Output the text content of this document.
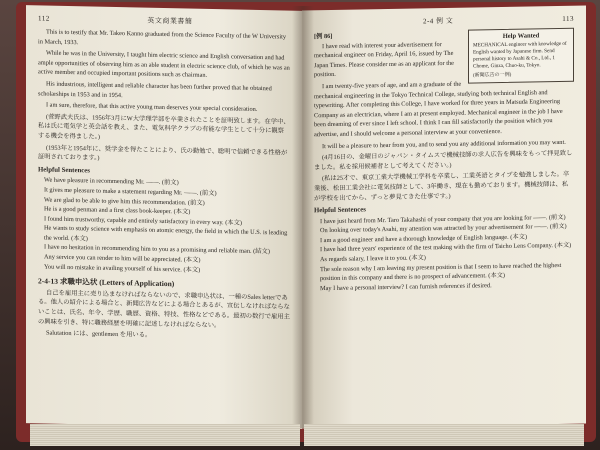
112	英文商業書簡

This is to testify that Mr. Takeo Kanno graduated from the Science Faculty of the W University in March, 1933.

While he was in the University, I taught him electric science and English conversation and had ample opportunities of observing him as an able student in electric science club, of which he was an active member and occupied important positions such as chairman.

His industrious, intelligent and reliable character has been further proved that he obtained scholarships in 1953 and in 1954.

I am sure, therefore, that this active young man deserves your special consideration.

(菅野武夫氏は、1956年3月にW大学理学部を卒業されたことを証明致します。在学中、私は氏に電気学と英会話を教え、また、電気科学クラブの有能な学生として十分に観察する機会を得ました。)

(1953年と1954年に、奨学金を得たことにより、氏の勤勉で、聡明で信頼できる性格が証明されております。)

Helpful Sentences
We have pleasure in recommending Mr. ——. (前文)
It gives me pleasure to make a statement regarding Mr. ——. (前文)
We are glad to be able to give him this recommendation. (前文)
He is a good penman and a first class book-keeper. (本文)
I found him trustworthy, capable and entirely satisfactory in every way. (本文)
He wants to study science with emphasis on atomic energy, the field in which the U.S. is leading the world. (本文)
I have no hesitation in recommending him to you as a promising and reliable man. (結文)
Any service you can render to him will be appreciated. (本文)
You will no mistake in availing yourself of his service. (本文)
2-4-13 求職申込状 (Letters of Application)

自己を雇用主に売り込まなければならないので、求職申込状は、一種のSales letterである。他人の紹介による場合と、新聞広告などによる場合とあるが、宣伝しなければならないことは、氏名、年令、学歴、職歴、資格、特技、性格などである。最初の数行で雇用主の興味を引き、特に職務経歴を明確に記述しなければならない。

Salutation には、gentlemen を用いる。

2-4 例 文	113
Help Wanted
MECHANICAL engineer with knowledge of English wanted by Japanese firm. Send personal history to Asahi & Co., Ltd., 1 Chome, Ginza, Chuo-ku, Tokyo.
(新聞広告の一例)
[例 86]

I have read with interest your advertisement for mechanical engineer on Friday, April 16, issued by The Japan Times. Please consider me as an applicant for the position.

I am twenty-five years of age, and am a graduate of the mechanical engineering in the Tokyo Technical College, studying both technical English and typewriting. After completing this College, I have worked for three years in Matsuda Engineering Company as an electrician, where I am at present employed. Mechanical engineer in the job I have been dreaming of ever since I left school. I think I can fill satisfactorily the position which you advertise, and I should welcome a personal interview at your convenience.

It will be a pleasure to hear from you, and to send you any additional information you may want.

(4月16日の、金曜日のジャパン・タイムスで機械技師の求人広告を興味をもって拝見致しました。私を採用候補者として考えてください。)

(私は25才で、東京工業大学機械工学科を卒業し、工業英語とタイプを勉強しました。卒業後、松田工業会社に電気技師として、3年働き、現在も勤めております。機械技師は、私が学校を出てから、ずっと夢見てきた仕事です。)

Helpful Sentences
I have just heard from Mr. Taro Takahashi of your company that you are looking for ——. (前文)
On looking over today's Asahi, my attention was attracted by your advertisement for ——. (前文)
I am a good engineer and have a thorough knowledge of English language. (本文)
I have had three years' experience of the test making with the firm of Taicho Lens Company. (本文)
As regards salary, I leave it to you. (本文)
The sole reason why I am leaving my present position is that I seem to have reached the highest position in this company and there is no prospect of advancement. (本文)
May I have a personal interview? I can furnish references if desired.
